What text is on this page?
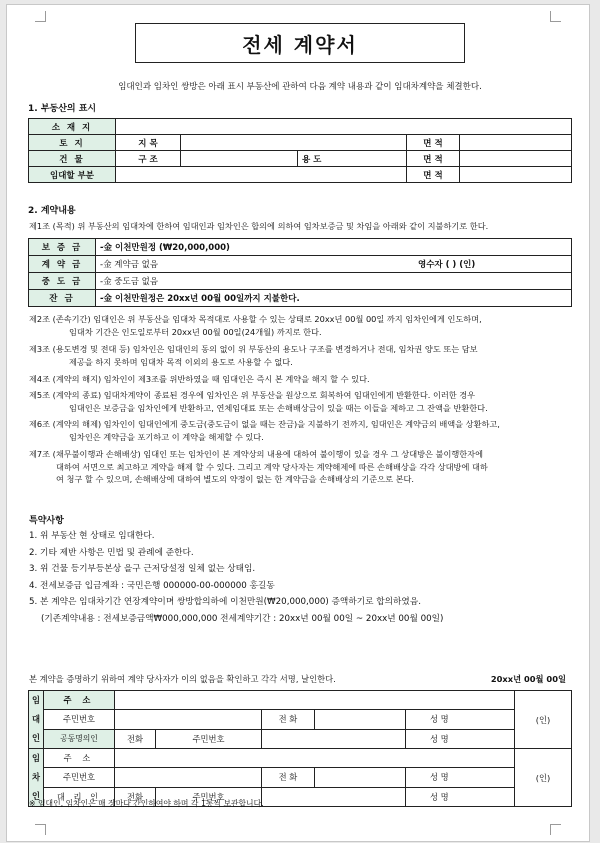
전세 계약서
임대인과 임차인 쌍방은 아래 표시 부동산에 관하여 다음 계약 내용과 같이 임대차계약을 체결한다.
1. 부동산의 표시
소 재 지					
토 지	지 목			면 적	
건 물	구 조		용 도	면 적	
임대할 부분				면 적	
2. 계약내용
제1조 (목적) 위 부동산의 임대차에 한하여 임대인과 임차인은 합의에 의하여 임차보증금 및 차임을 아래와 같이 지불하기로 한다.
보 증 금	-金 이천만원정 (₩20,000,000)
계 약 금	-金 계약금 없음 영수자 ( ) (인)

중 도 금	-金 중도금 없음
잔 금	-金 이천만원정은 20xx년 00월 00일까지 지불한다.
제2조 (존속기간) 임대인은 위 부동산을 임대차 목적대로 사용할 수 있는 상태로 20xx년 00월 00일 까지 임차인에게 인도하며,
임대차 기간은 인도일로부터 20xx년 00월 00일(24개월) 까지로 한다.
제3조 (용도변경 및 전대 등) 임차인은 임대인의 동의 없이 위 부동산의 용도나 구조를 변경하거나 전대, 임차권 양도 또는 담보
제공을 하지 못하며 임대차 목적 이외의 용도로 사용할 수 없다.
제4조 (계약의 해지) 임차인이 제3조를 위반하였을 때 임대인은 즉시 본 계약을 해지 할 수 있다.
제5조 (계약의 종료) 임대차계약이 종료된 경우에 임차인은 위 부동산을 원상으로 회복하여 임대인에게 반환한다. 이러한 경우
임대인은 보증금을 임차인에게 반환하고, 연체임대료 또는 손해배상금이 있을 때는 이들을 제하고 그 잔액을 반환한다.
제6조 (계약의 해제) 임차인이 임대인에게 중도금(중도금이 없을 때는 잔금)을 지불하기 전까지, 임대인은 계약금의 배액을 상환하고,
임차인은 계약금을 포기하고 이 계약을 해제할 수 있다.
제7조 (채무불이행과 손해배상) 임대인 또는 임차인이 본 계약상의 내용에 대하여 불이행이 있을 경우 그 상대방은 불이행한자에
대하여 서면으로 최고하고 계약을 해제 할 수 있다. 그리고 계약 당사자는 계약해제에 따른 손해배상을 각각 상대방에 대하
여 청구 할 수 있으며, 손해배상에 대하여 별도의 약정이 없는 한 계약금을 손해배상의 기준으로 본다.
특약사항
1. 위 부동산 현 상태로 임대한다.
2. 기타 제반 사항은 민법 및 관례에 준한다.
3. 위 건물 등기부등본상 을구 근저당설정 일체 없는 상태임.
4. 전세보증금 입금계좌 : 국민은행 000000-00-000000 홍길동
5. 본 계약은 임대차기간 연장계약이며 쌍방합의하에 이천만원(₩20,000,000) 증액하기로 합의하였음.
(기존계약내용 : 전세보증금액₩000,000,000 전세계약기간 : 20xx년 00월 00일 ~ 20xx년 00월 00일)
본 계약을 증명하기 위하여 계약 당사자가 이의 없음을 확인하고 각각 서명, 날인한다.	20xx년 00월 00일
임
대
인	주 소						(인)
	주민번호			전 화		성 명	
	공동명의인	전화	주민번호			성 명	

임
차
인	주 소						(인)
	주민번호			전 화		성 명	
	대 리 인	전화	주민번호			성 명	
※ 임대인, 임차인은 매 장마다 간인하여야 하며 각 1통씩 보관합니다.
